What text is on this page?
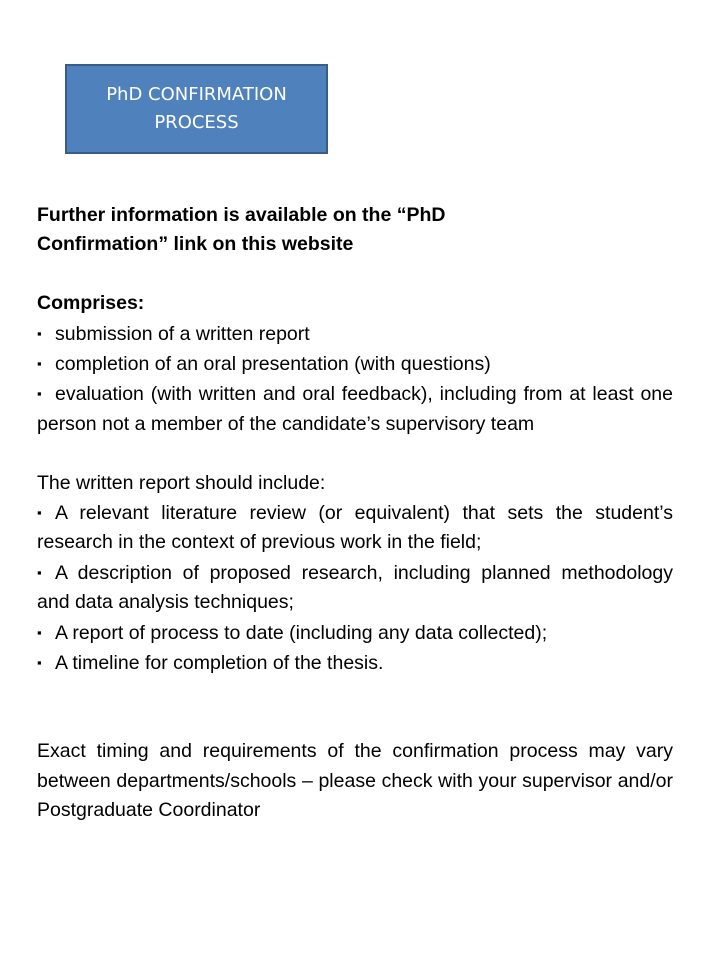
PhD CONFIRMATION
PROCESS
Further information is available on the “PhD
Confirmation” link on this website
Comprises:
▪ submission of a written report
▪ completion of an oral presentation (with questions)
▪ evaluation (with written and oral feedback), including from at least one person not a member of the candidate’s supervisory team
The written report should include:
▪ A relevant literature review (or equivalent) that sets the student’s research in the context of previous work in the field;
▪ A description of proposed research, including planned methodology and data analysis techniques;
▪ A report of process to date (including any data collected);
▪ A timeline for completion of the thesis.
Exact timing and requirements of the confirmation process may vary between departments/schools – please check with your supervisor and/or Postgraduate Coordinator
